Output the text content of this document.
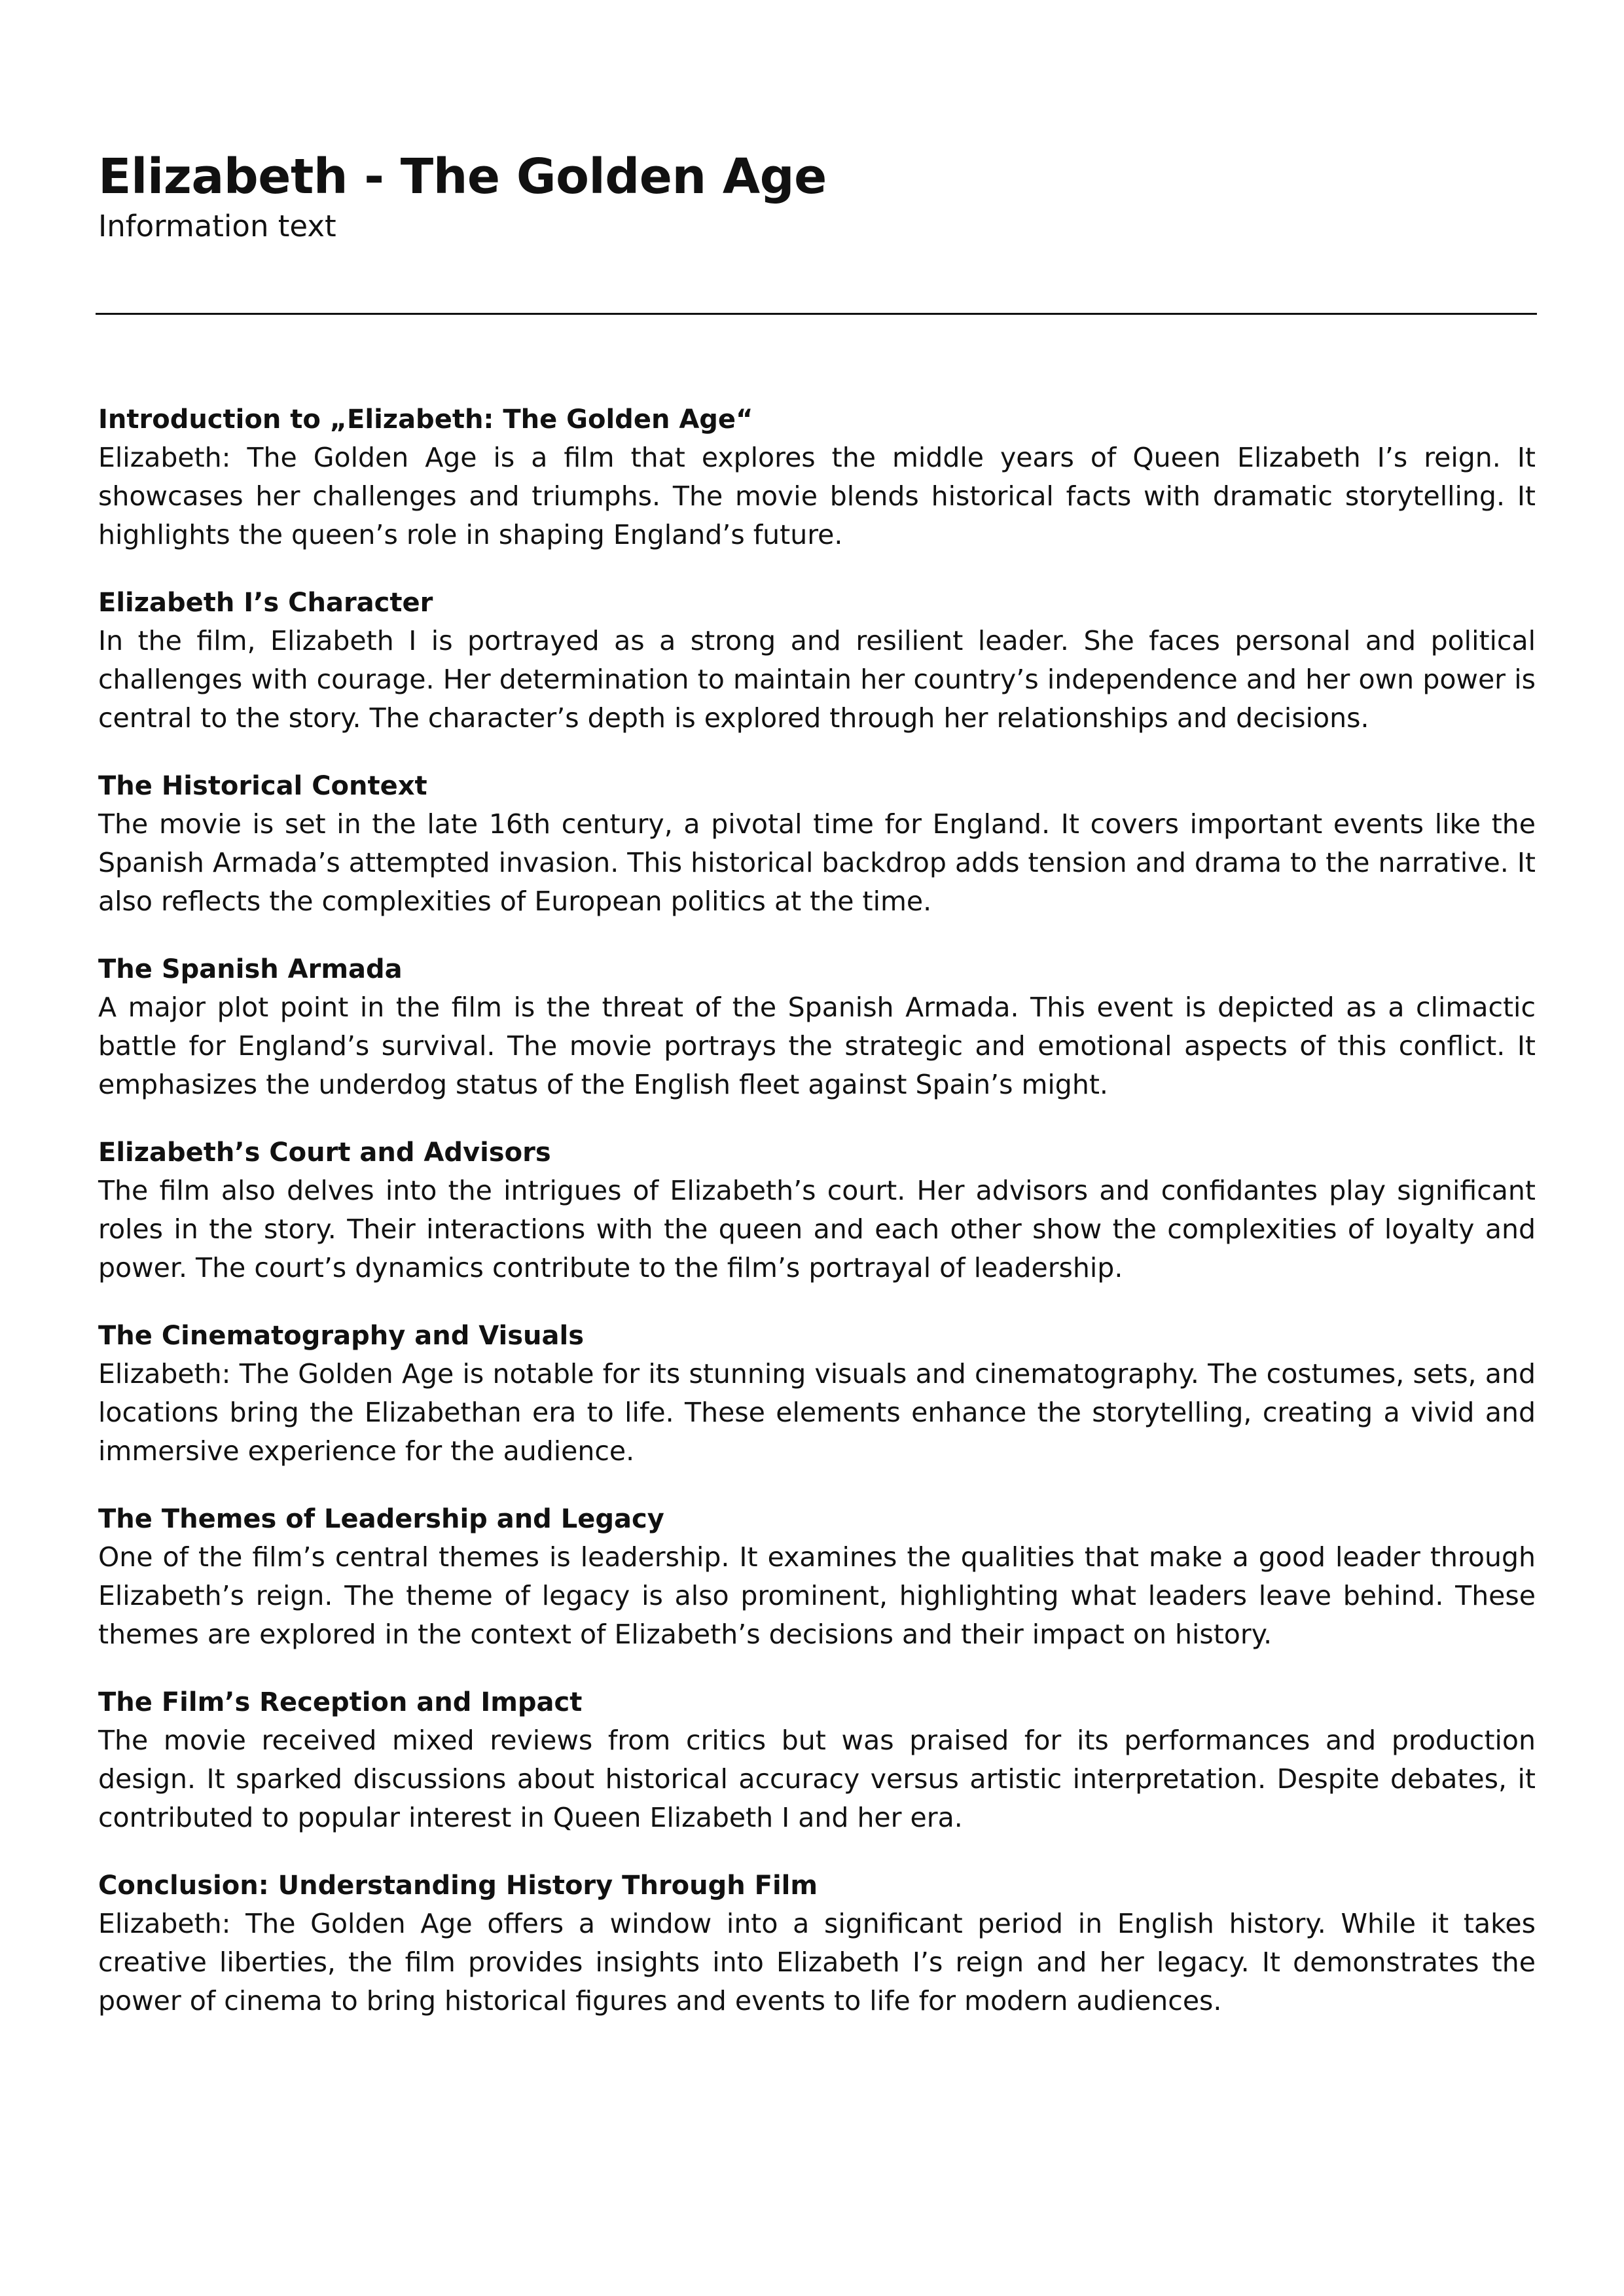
Elizabeth - The Golden Age

Information text

Introduction to „Elizabeth: The Golden Age“

Elizabeth: The Golden Age is a film that explores the middle years of Queen Elizabeth I’s reign. It showcases her challenges and triumphs. The movie blends historical facts with dramatic storytelling. It highlights the queen’s role in shaping England’s future.

Elizabeth I’s Character

In the film, Elizabeth I is portrayed as a strong and resilient leader. She faces personal and political challenges with courage. Her determination to maintain her country’s independence and her own power is central to the story. The character’s depth is explored through her relationships and decisions.

The Historical Context

The movie is set in the late 16th century, a pivotal time for England. It covers important events like the Spanish Armada’s attempted invasion. This historical backdrop adds tension and drama to the narrative. It also reflects the complexities of European politics at the time.

The Spanish Armada

A major plot point in the film is the threat of the Spanish Armada. This event is depicted as a climactic battle for England’s survival. The movie portrays the strategic and emotional aspects of this conflict. It emphasizes the underdog status of the English fleet against Spain’s might.

Elizabeth’s Court and Advisors

The film also delves into the intrigues of Elizabeth’s court. Her advisors and confidantes play significant roles in the story. Their interactions with the queen and each other show the complexities of loyalty and power. The court’s dynamics contribute to the film’s portrayal of leadership.

The Cinematography and Visuals

Elizabeth: The Golden Age is notable for its stunning visuals and cinematography. The costumes, sets, and locations bring the Elizabethan era to life. These elements enhance the storytelling, creating a vivid and immersive experience for the audience.

The Themes of Leadership and Legacy

One of the film’s central themes is leadership. It examines the qualities that make a good leader through Elizabeth’s reign. The theme of legacy is also prominent, highlighting what leaders leave behind. These themes are explored in the context of Elizabeth’s decisions and their impact on history.

The Film’s Reception and Impact

The movie received mixed reviews from critics but was praised for its performances and production design. It sparked discussions about historical accuracy versus artistic interpretation. Despite debates, it contributed to popular interest in Queen Elizabeth I and her era.

Conclusion: Understanding History Through Film

Elizabeth: The Golden Age offers a window into a significant period in English history. While it takes creative liberties, the film provides insights into Elizabeth I’s reign and her legacy. It demonstrates the power of cinema to bring historical figures and events to life for modern audiences.
